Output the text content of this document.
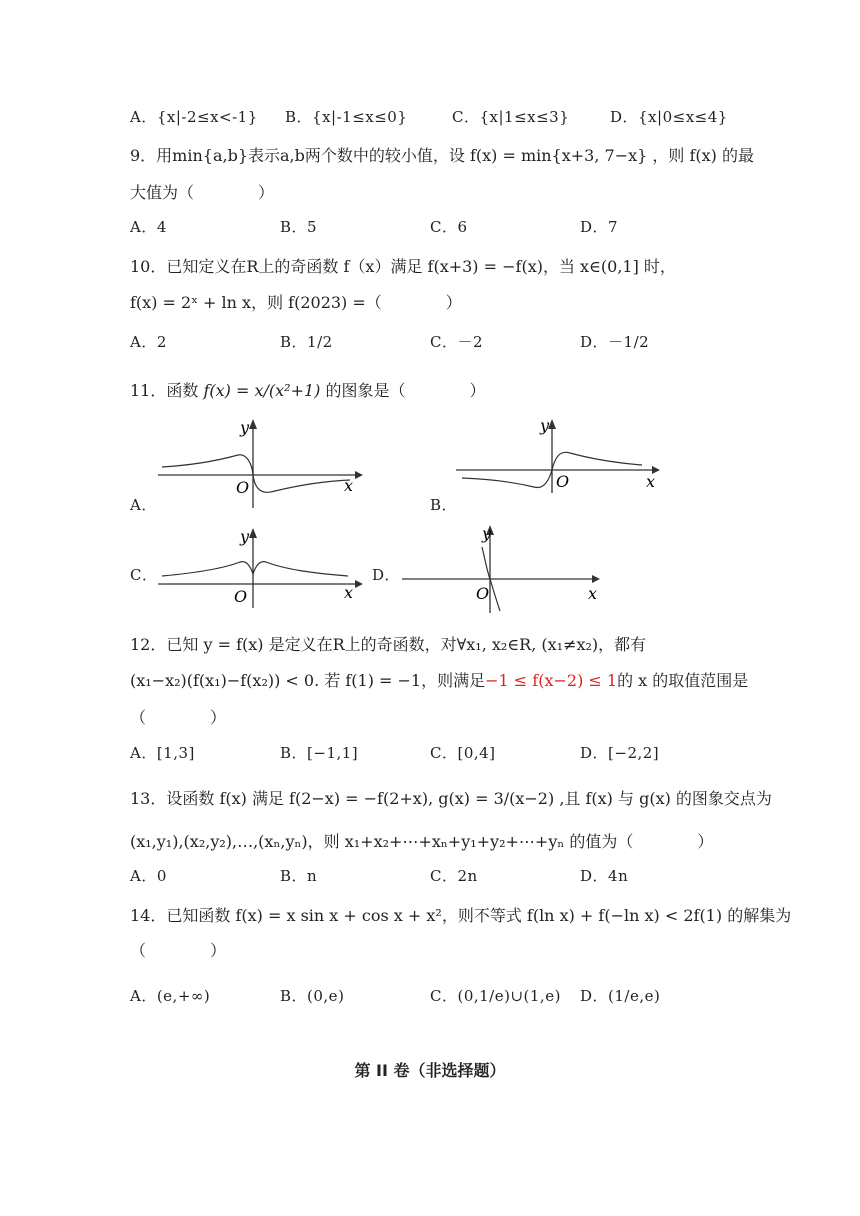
A．{x|-2≤x<-1} B．{x|-1≤x≤0}	C．{x|1≤x≤3}	D．{x|0≤x≤4}
9．用min{a,b}表示a,b两个数中的较小值，设 f(x) = min{x+3, 7−x} ，则 f(x) 的最
大值为（　　　　）
A．4	B．5	C．6	D．7
10．已知定义在R上的奇函数 f（x）满足 f(x+3) = −f(x)，当 x∈(0,1] 时，
f(x) = 2ˣ + ln x，则 f(2023) =（　　　　）
A．2	B．1/2	C．－2	D．－1/2
11．函数 f(x) = x/(x²+1) 的图象是（　　　　）
A．	B．
C．	D．
y
x
O
y
x
O
y
x
O
y
x
O
12．已知 y = f(x) 是定义在R上的奇函数，对∀x₁, x₂∈R, (x₁≠x₂)，都有
(x₁−x₂)(f(x₁)−f(x₂)) < 0. 若 f(1) = −1，则满足−1 ≤ f(x−2) ≤ 1的 x 的取值范围是
（　　　　）
A．[1,3]	B．[−1,1]	C．[0,4]	D．[−2,2]
13．设函数 f(x) 满足 f(2−x) = −f(2+x), g(x) = 3/(x−2) ,且 f(x) 与 g(x) 的图象交点为
(x₁,y₁),(x₂,y₂),…,(xₙ,yₙ)，则 x₁+x₂+⋯+xₙ+y₁+y₂+⋯+yₙ 的值为（　　　　）
A．0	B．n	C．2n	D．4n
14．已知函数 f(x) = x sin x + cos x + x²，则不等式 f(ln x) + f(−ln x) < 2f(1) 的解集为
（　　　　）
A．(e,+∞)	B．(0,e)	C．(0,1/e)∪(1,e) D．(1/e,e)
第 II 卷（非选择题）
